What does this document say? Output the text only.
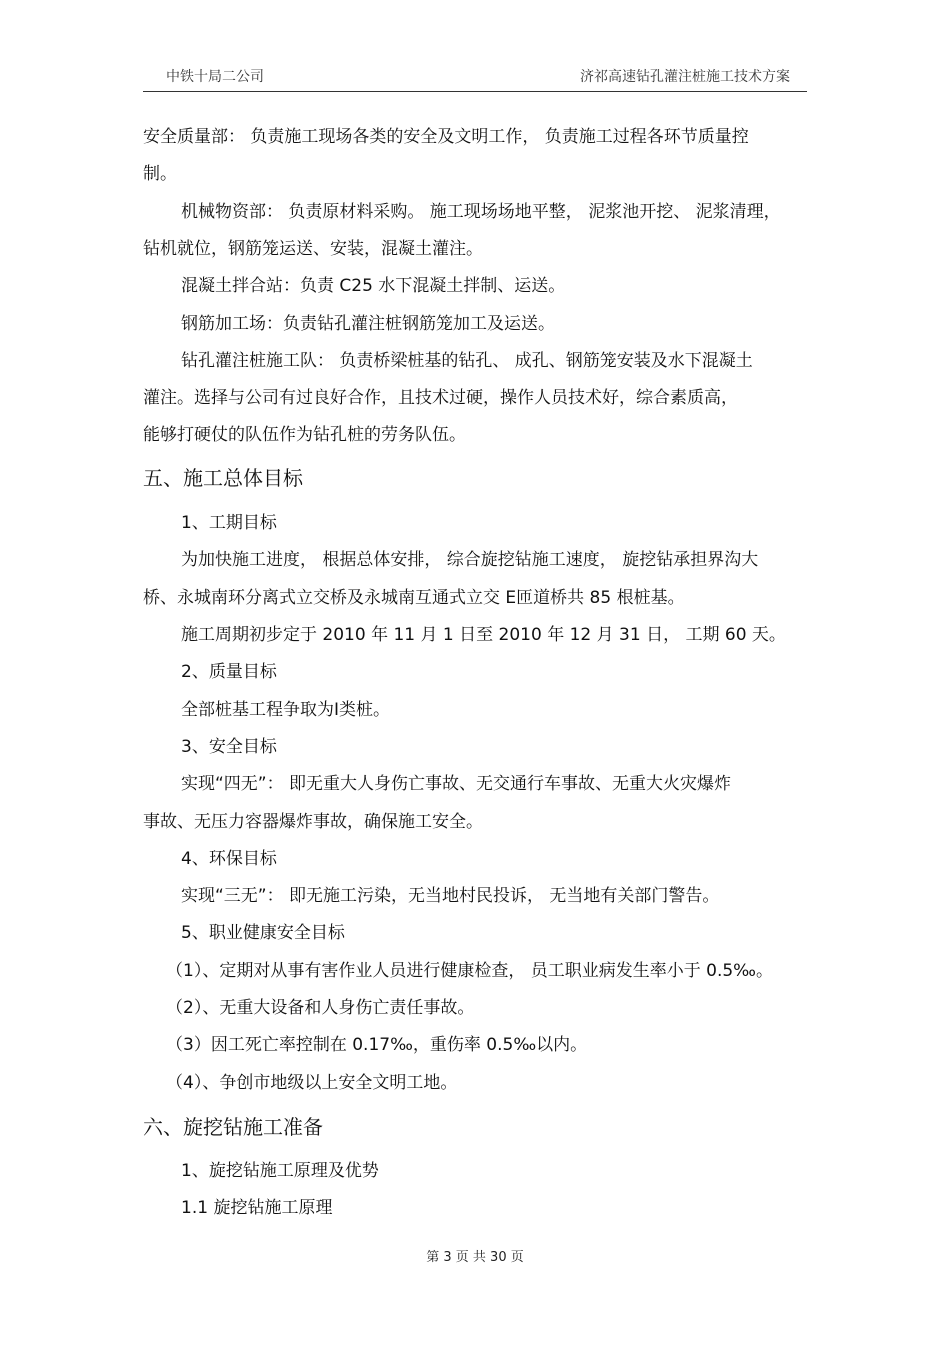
中铁十局二公司	济祁高速钻孔灌注桩施工技术方案
安全质量部： 负责施工现场各类的安全及文明工作， 负责施工过程各环节质量控
制。
机械物资部： 负责原材料采购。 施工现场场地平整， 泥浆池开挖、 泥浆清理，
钻机就位，钢筋笼运送、安装，混凝土灌注。
混凝土拌合站：负责 C25 水下混凝土拌制、运送。
钢筋加工场：负责钻孔灌注桩钢筋笼加工及运送。
钻孔灌注桩施工队： 负责桥梁桩基的钻孔、 成孔、钢筋笼安装及水下混凝土
灌注。选择与公司有过良好合作，且技术过硬，操作人员技术好，综合素质高，
能够打硬仗的队伍作为钻孔桩的劳务队伍。
五、施工总体目标
1、工期目标
为加快施工进度， 根据总体安排， 综合旋挖钻施工速度， 旋挖钻承担界沟大
桥、永城南环分离式立交桥及永城南互通式立交 E匝道桥共 85 根桩基。
施工周期初步定于 2010 年 11 月 1 日至 2010 年 12 月 31 日， 工期 60 天。
2、质量目标
全部桩基工程争取为Ⅰ类桩。
3、安全目标
实现“四无”： 即无重大人身伤亡事故、无交通行车事故、无重大火灾爆炸
事故、无压力容器爆炸事故，确保施工安全。
4、环保目标
实现“三无”： 即无施工污染，无当地村民投诉， 无当地有关部门警告。
5、职业健康安全目标
（1）、定期对从事有害作业人员进行健康检查， 员工职业病发生率小于 0.5‰。
（2）、无重大设备和人身伤亡责任事故。
（3）因工死亡率控制在 0.17‰，重伤率 0.5‰以内。
（4）、争创市地级以上安全文明工地。
六、旋挖钻施工准备
1、旋挖钻施工原理及优势
1.1 旋挖钻施工原理
第 3 页 共 30 页
